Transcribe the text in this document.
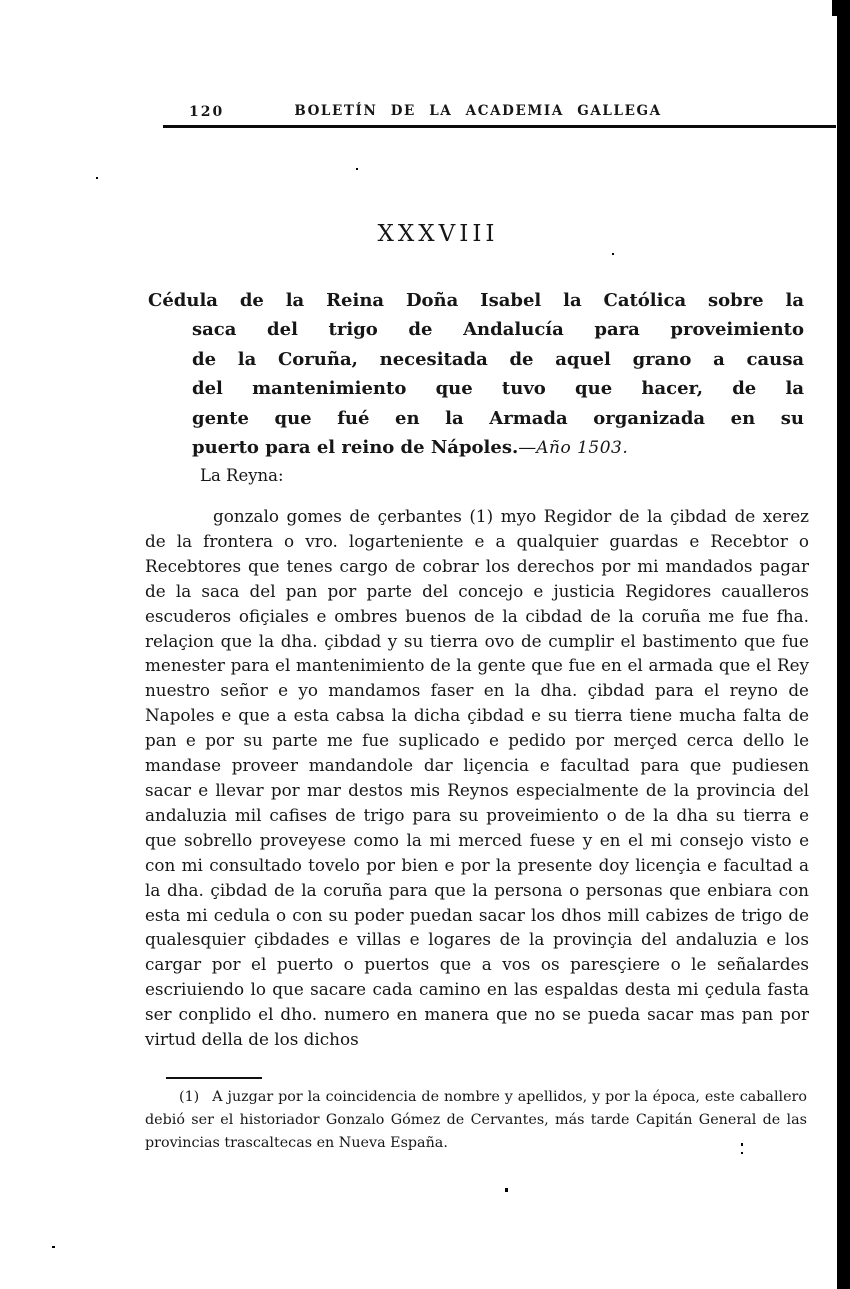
120	BOLETÍN DE LA ACADEMIA GALLEGA
XXXVIII
Cédula de la Reina Doña Isabel la Católica sobre la
saca del trigo de Andalucía para proveimiento
de la Coruña, necesitada de aquel grano a causa
del mantenimiento que tuvo que hacer, de la
gente que fué en la Armada organizada en su
puerto para el reino de Nápoles.—Año 1503.
La Reyna:

gonzalo gomes de çerbantes (1) myo Regidor de la çibdad de xerez de la frontera o vro. logarteniente e a qualquier guardas e Recebtor o Recebtores que tenes cargo de cobrar los derechos por mi mandados pagar de la saca del pan por parte del concejo e justicia Regidores caualleros escuderos ofiçiales e ombres buenos de la cibdad de la coruña me fue fha. relaçion que la dha. çibdad y su tierra ovo de cumplir el bastimento que fue menester para el mantenimiento de la gente que fue en el armada que el Rey nuestro señor e yo mandamos faser en la dha. çibdad para el reyno de Napoles e que a esta cabsa la dicha çibdad e su tierra tiene mucha falta de pan e por su parte me fue suplicado e pedido por merçed cerca dello le mandase proveer mandandole dar liçencia e facultad para que pudiesen sacar e llevar por mar destos mis Reynos especialmente de la provincia del andaluzia mil cafises de trigo para su proveimiento o de la dha su tierra e que sobrello proveyese como la mi merced fuese y en el mi consejo visto e con mi consultado tovelo por bien e por la presente doy licençia e facultad a la dha. çibdad de la coruña para que la persona o personas que enbiara con esta mi cedula o con su poder puedan sacar los dhos mill cabizes de trigo de qualesquier çibdades e villas e logares de la provinçia del andaluzia e los cargar por el puerto o puertos que a vos os paresçiere o le señalardes escriuiendo lo que sacare cada camino en las espaldas desta mi çedula fasta ser conplido el dho. numero en manera que no se pueda sacar mas pan por virtud della de los dichos

(1) A juzgar por la coincidencia de nombre y apellidos, y por la época, este caballero debió ser el historiador Gonzalo Gómez de Cervantes, más tarde Capitán General de las provincias trascaltecas en Nueva España.
